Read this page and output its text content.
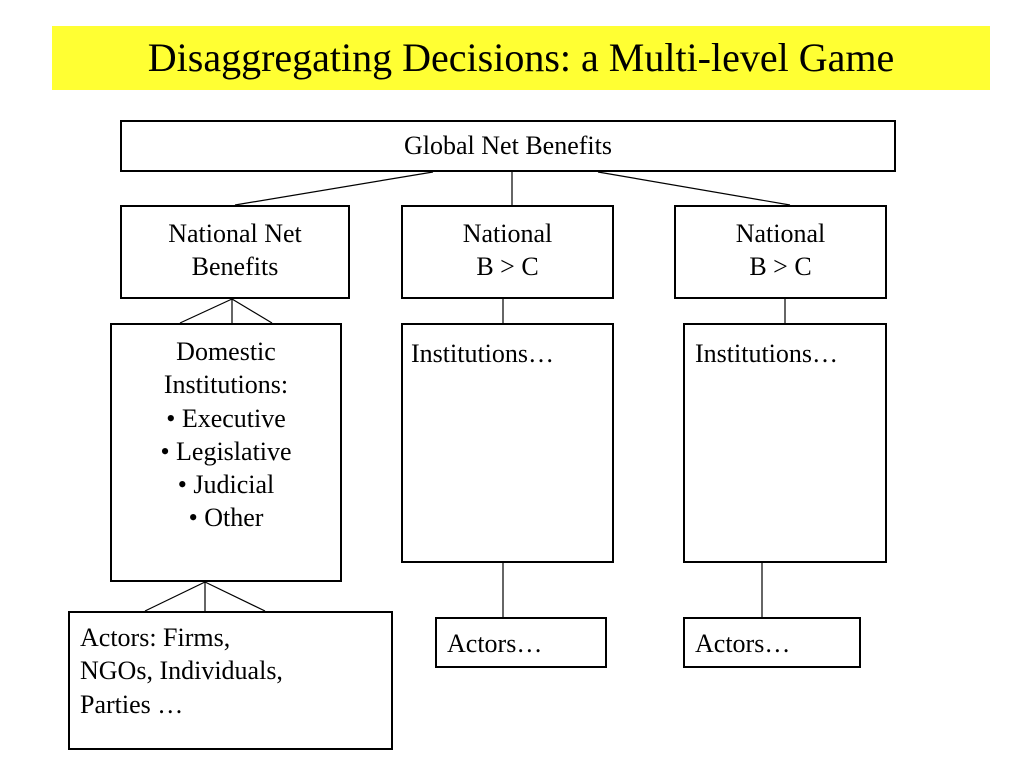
Disaggregating Decisions: a Multi-level Game
Global Net Benefits
National Net
Benefits
National
B > C
National
B > C
Domestic
Institutions:
• Executive
• Legislative
• Judicial
• Other
Institutions…	Institutions…
Actors: Firms,
NGOs, Individuals,
Parties …
Actors…	Actors…
